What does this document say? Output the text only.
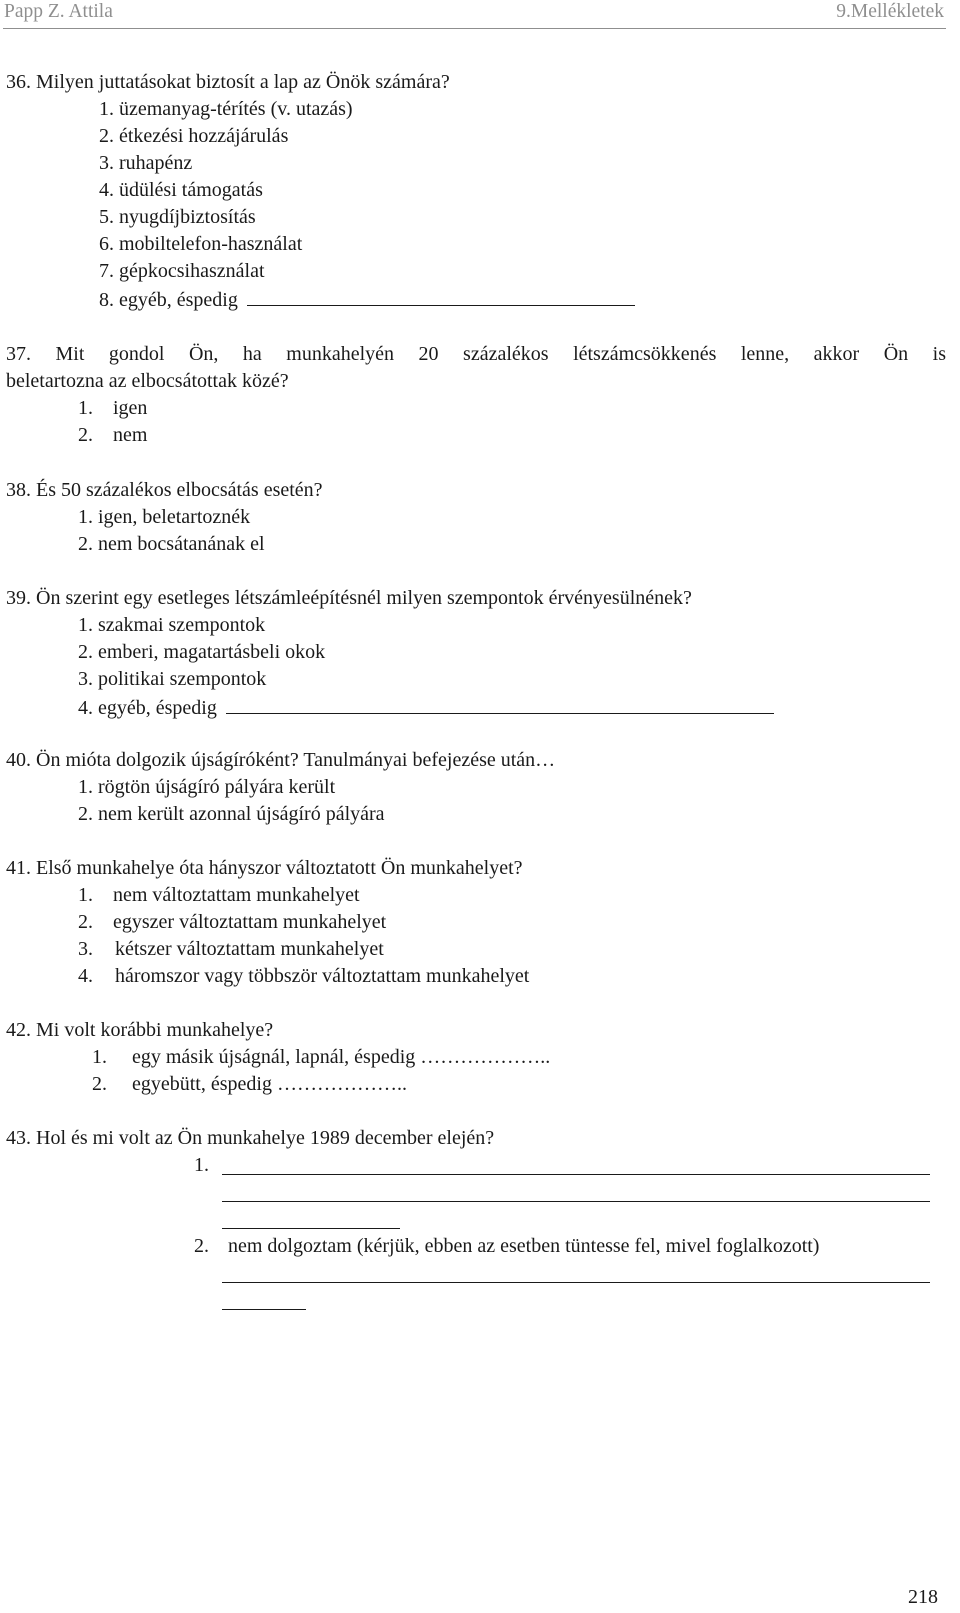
Papp Z. Attila	9.Mellékletek
36. Milyen juttatásokat biztosít a lap az Önök számára?
1. üzemanyag-térítés (v. utazás)
2. étkezési hozzájárulás
3. ruhapénz
4. üdülési támogatás
5. nyugdíjbiztosítás
6. mobiltelefon-használat
7. gépkocsihasználat
8. egyéb, éspedig
37. Mit gondol Ön, ha munkahelyén 20 százalékos létszámcsökkenés lenne, akkor Ön is
beletartozna az elbocsátottak közé?
1. igen
2. nem
38. És 50 százalékos elbocsátás esetén?
1. igen, beletartoznék
2. nem bocsátanának el
39. Ön szerint egy esetleges létszámleépítésnél milyen szempontok érvényesülnének?
1. szakmai szempontok
2. emberi, magatartásbeli okok
3. politikai szempontok
4. egyéb, éspedig
40. Ön mióta dolgozik újságíróként? Tanulmányai befejezése után…
1. rögtön újságíró pályára került
2. nem került azonnal újságíró pályára
41. Első munkahelye óta hányszor változtatott Ön munkahelyet?
1. nem változtattam munkahelyet
2. egyszer változtattam munkahelyet
3. kétszer változtattam munkahelyet
4. háromszor vagy többször változtattam munkahelyet
42. Mi volt korábbi munkahelye?
1. egy másik újságnál, lapnál, éspedig ………………..
2. egyebütt, éspedig ………………..
43. Hol és mi volt az Ön munkahelye 1989 december elején?
1.
2. nem dolgoztam (kérjük, ebben az esetben tüntesse fel, mivel foglalkozott)
218
